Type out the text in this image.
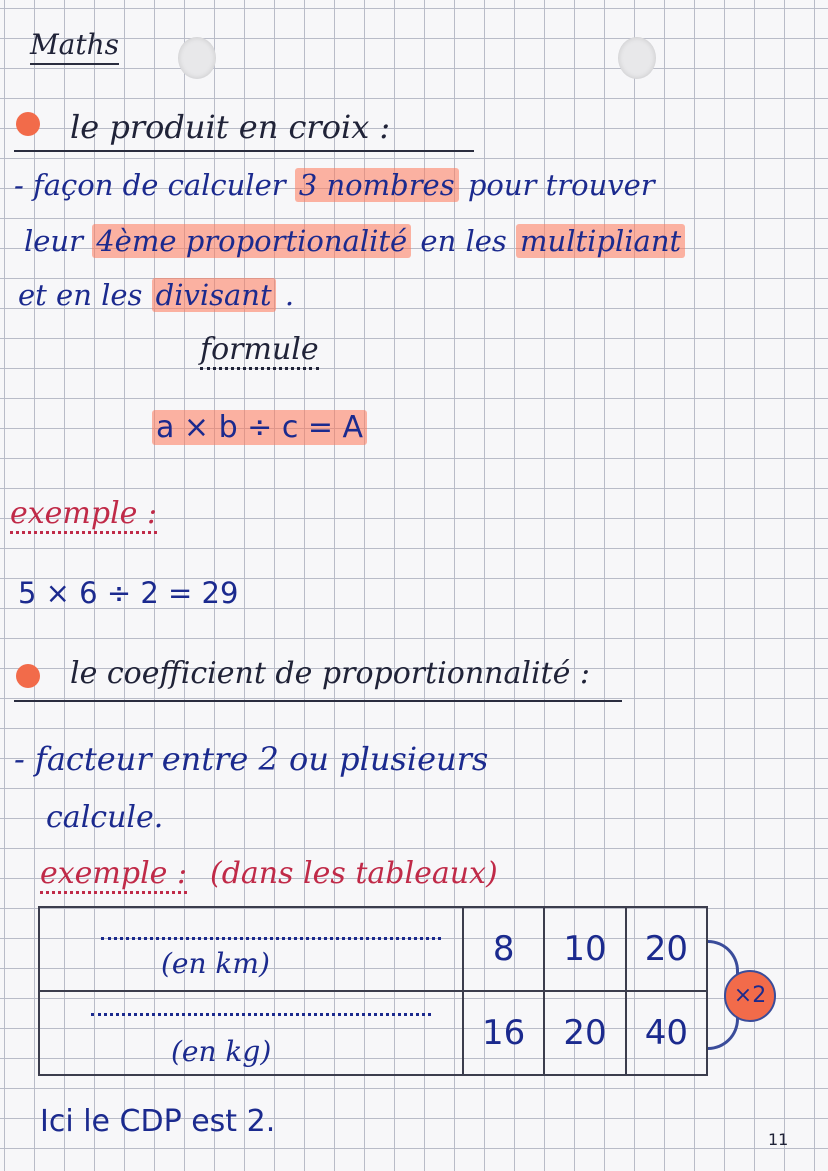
Maths
le produit en croix :
- façon de calculer 3 nombres pour trouver
leur 4ème proportionalité en les multipliant
et en les divisant .
formule
a × b ÷ c = A
exemple :
5 × 6 ÷ 2 = 29
le coefficient de proportionnalité :
- facteur entre 2 ou plusieurs
calcule.
exemple : (dans les tableaux)
(en km)	8	10	20

(en kg)	16	20	40
×2
Ici le CDP est 2.
11
